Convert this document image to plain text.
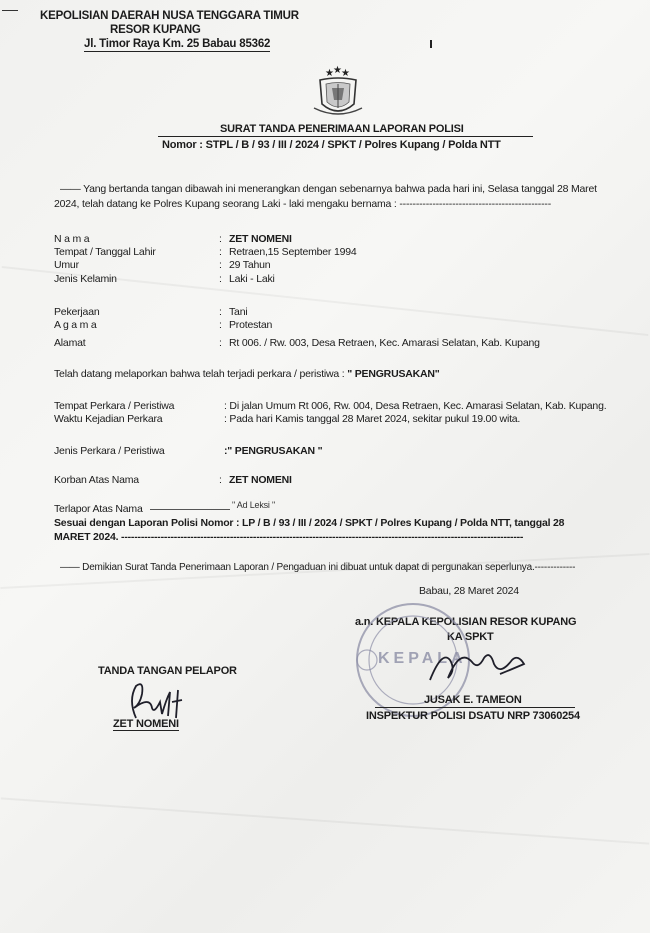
KEPOLISIAN DAERAH NUSA TENGGARA TIMUR
RESOR KUPANG
Jl. Timor Raya Km. 25 Babau 85362
★ ★ ★
SURAT TANDA PENERIMAAN LAPORAN POLISI
Nomor : STPL / B / 93 / III / 2024 / SPKT / Polres Kupang / Polda NTT
—— Yang bertanda tangan dibawah ini menerangkan dengan sebenarnya bahwa pada hari ini, Selasa tanggal 28 Maret
2024, telah datang ke Polres Kupang seorang Laki - laki mengaku bernama : ----------------------------------------------
N a m a	: ZET NOMENI
Tempat / Tanggal Lahir	: Retraen,15 September 1994
Umur	: 29 Tahun
Jenis Kelamin	: Laki - Laki
Pekerjaan	: Tani
A g a m a	: Protestan
Alamat	: Rt 006. / Rw. 003, Desa Retraen, Kec. Amarasi Selatan, Kab. Kupang
Telah datang melaporkan bahwa telah terjadi perkara / peristiwa : " PENGRUSAKAN"
Tempat Perkara / Peristiwa	: Di jalan Umum Rt 006, Rw. 004, Desa Retraen, Kec. Amarasi Selatan, Kab. Kupang.
Waktu Kejadian Perkara	: Pada hari Kamis tanggal 28 Maret 2024, sekitar pukul 19.00 wita.
Jenis Perkara / Peristiwa	:" PENGRUSAKAN "
Korban Atas Nama	: ZET NOMENI
Terlapor Atas Nama	" Ad Leksi "
Sesuai dengan Laporan Polisi Nomor : LP / B / 93 / III / 2024 / SPKT / Polres Kupang / Polda NTT, tanggal 28
MARET 2024. --------------------------------------------------------------------------------------------------------------------------
—— Demikian Surat Tanda Penerimaan Laporan / Pengaduan ini dibuat untuk dapat di pergunakan seperlunya.-------------
Babau, 28 Maret 2024
a.n. KEPALA KEPOLISIAN RESOR KUPANG
KA SPKT
KEPALA
JUSAK E. TAMEON
INSPEKTUR POLISI DSATU NRP 73060254
TANDA TANGAN PELAPOR
ZET NOMENI
